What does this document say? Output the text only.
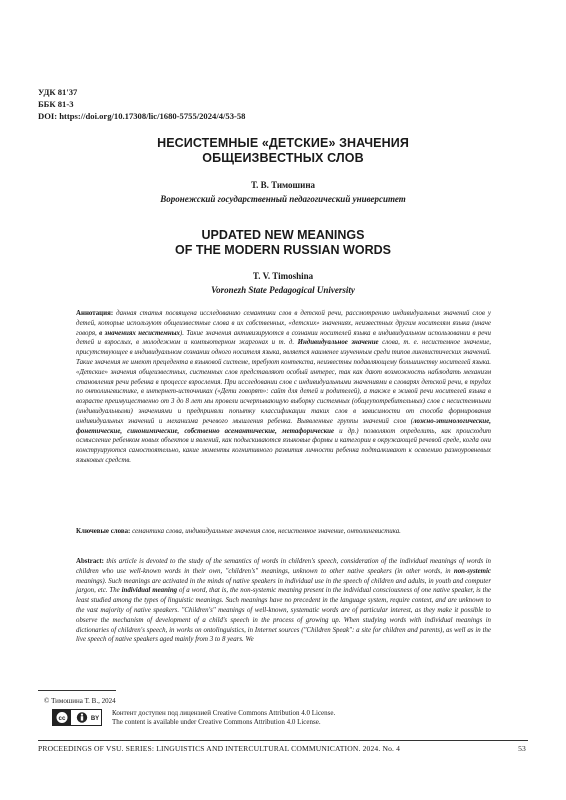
УДК 81'37
ББК 81-3
DOI: https://doi.org/10.17308/lic/1680-5755/2024/4/53-58
НЕСИСТЕМНЫЕ «ДЕТСКИЕ» ЗНАЧЕНИЯ
ОБЩЕИЗВЕСТНЫХ СЛОВ
Т. В. Тимошина
Воронежский государственный педагогический университет
UPDATED NEW MEANINGS
OF THE MODERN RUSSIAN WORDS
T. V. Timoshina
Voronezh State Pedagogical University
Аннотация: данная статья посвящена исследованию семантики слов в детской речи, рассмотрению индивидуальных значений слов у детей, которые используют общеизвестные слова в их собственных, «детских» значениях, неизвестных другим носителям языка (иначе говоря, в значениях несистемных). Такие значения активизируются в сознании носителей языка в индивидуальном использовании в речи детей и взрослых, в молодежном и компьютерном жаргонах и т. д. Индивидуальное значение слова, т. е. несистемное значение, присутствующее в индивидуальном сознании одного носителя языка, является наименее изученным среди типов лингвистических значений. Такие значения не имеют прецедента в языковой системе, требуют контекста, неизвестны подавляющему большинству носителей языка. «Детские» значения общеизвестных, системных слов представляют особый интерес, так как дают возможность наблюдать механизм становления речи ребенка в процессе взросления. При исследовании слов с индивидуальными значениями в словарях детской речи, в трудах по онтолингвистике, в интернет-источниках («Дети говорят»: сайт для детей и родителей), а также в живой речи носителей языка в возрасте преимущественно от 3 до 8 лет мы провели исчерпывающую выборку системных (общеупотребительных) слов с несистемными (индивидуальными) значениями и предприняли попытку классификации таких слов в зависимости от способа формирования индивидуальных значений и механизма речевого мышления ребенка. Выявленные группы значений слов (ложно-этимологические, фонетические, синонимические, собственно асемантические, метафорические и др.) позволяют определить, как происходит осмысление ребенком новых объектов и явлений, как подыскиваются языковые формы и категории в окружающей речевой среде, когда они конструируются самостоятельно, какие моменты когнитивного развития личности ребенка подталкивают к освоению разноуровневых языковых средств.
Ключевые слова: семантика слова, индивидуальные значения слов, несистемное значение, онтолингвистика.
Abstract: this article is devoted to the study of the semantics of words in children's speech, consideration of the individual meanings of words in children who use well-known words in their own, "children's" meanings, unknown to other native speakers (in other words, in non-systemic meanings). Such meanings are activated in the minds of native speakers in individual use in the speech of children and adults, in youth and computer jargon, etc. The individual meaning of a word, that is, the non-systemic meaning present in the individual consciousness of one native speaker, is the least studied among the types of linguistic meanings. Such meanings have no precedent in the language system, require context, and are unknown to the vast majority of native speakers. "Children's" meanings of well-known, systematic words are of particular interest, as they make it possible to observe the mechanism of development of a child's speech in the process of growing up. When studying words with individual meanings in dictionaries of children's speech, in works on ontolinguistics, in Internet sources ("Children Speak": a site for children and parents), as well as in the live speech of native speakers aged mainly from 3 to 8 years. We
© Тимошина Т. В., 2024
cc	BY
Контент доступен под лицензией Creative Commons Attribution 4.0 License.
The content is available under Creative Commons Attribution 4.0 License.
PROCEEDINGS OF VSU. SERIES: LINGUISTICS AND INTERCULTURAL COMMUNICATION. 2024. No. 4	53
